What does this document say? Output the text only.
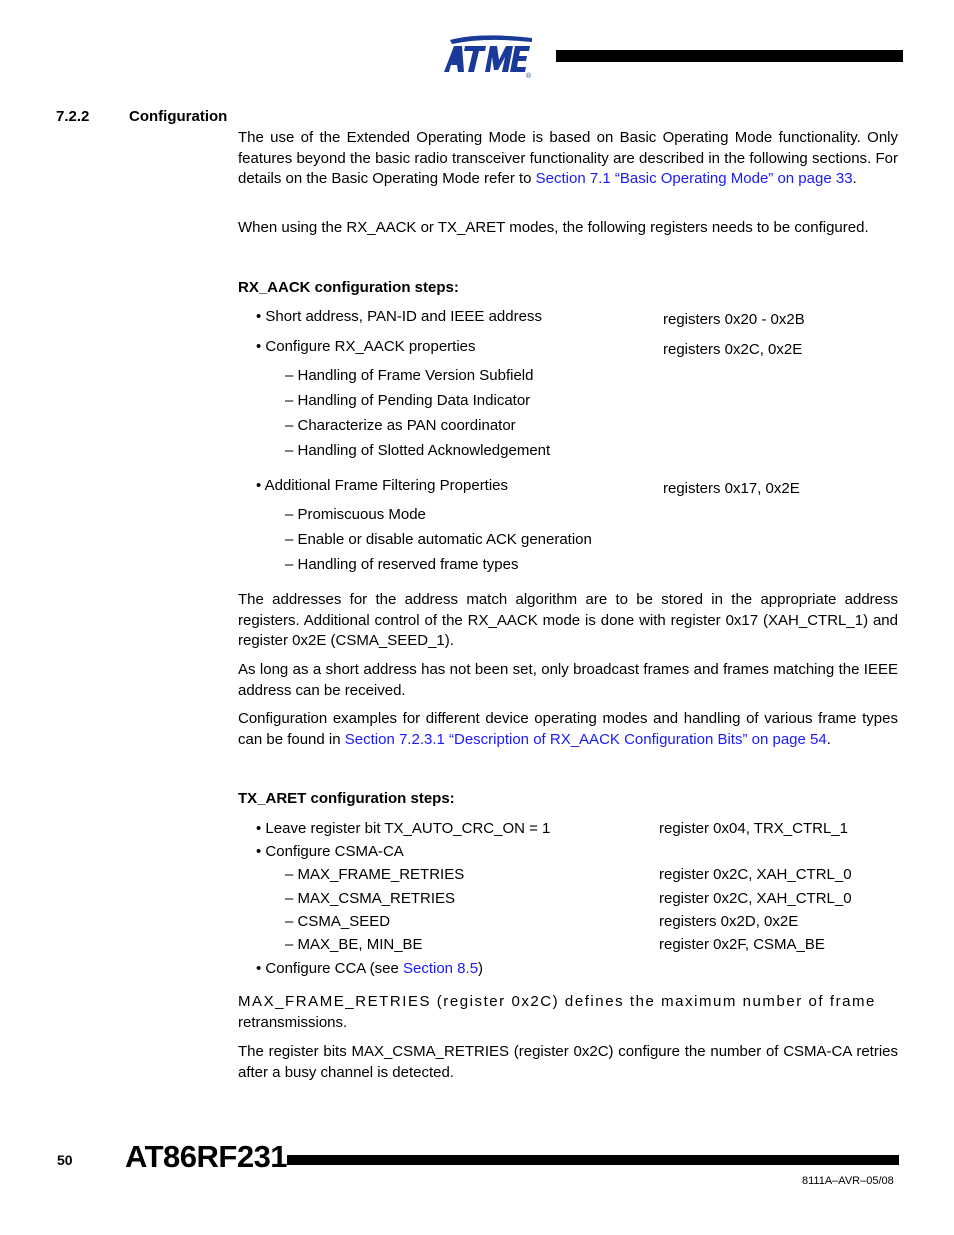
®
7.2.2	Configuration
The use of the Extended Operating Mode is based on Basic Operating Mode functionality. Only features beyond the basic radio transceiver functionality are described in the following sections. For details on the Basic Operating Mode refer to Section 7.1 “Basic Operating Mode” on page 33.
When using the RX_AACK or TX_ARET modes, the following registers needs to be configured.
RX_AACK configuration steps:
• Short address, PAN-ID and IEEE address	registers 0x20 - 0x2B
• Configure RX_AACK properties	registers 0x2C, 0x2E
– Handling of Frame Version Subfield
– Handling of Pending Data Indicator
– Characterize as PAN coordinator
– Handling of Slotted Acknowledgement
• Additional Frame Filtering Properties	registers 0x17, 0x2E
– Promiscuous Mode
– Enable or disable automatic ACK generation
– Handling of reserved frame types
The addresses for the address match algorithm are to be stored in the appropriate address registers. Additional control of the RX_AACK mode is done with register 0x17 (XAH_CTRL_1) and register 0x2E (CSMA_SEED_1).
As long as a short address has not been set, only broadcast frames and frames matching the IEEE address can be received.
Configuration examples for different device operating modes and handling of various frame types can be found in Section 7.2.3.1 “Description of RX_AACK Configuration Bits” on page 54.
TX_ARET configuration steps:
• Leave register bit TX_AUTO_CRC_ON = 1	register 0x04, TRX_CTRL_1
• Configure CSMA-CA
– MAX_FRAME_RETRIES	register 0x2C, XAH_CTRL_0
– MAX_CSMA_RETRIES	register 0x2C, XAH_CTRL_0
– CSMA_SEED	registers 0x2D, 0x2E
– MAX_BE, MIN_BE	register 0x2F, CSMA_BE
• Configure CCA (see Section 8.5)
MAX_FRAME_RETRIES (register 0x2C) defines the maximum number of frame
retransmissions.
The register bits MAX_CSMA_RETRIES (register 0x2C) configure the number of CSMA-CA retries after a busy channel is detected.
50 AT86RF231
8111A–AVR–05/08
